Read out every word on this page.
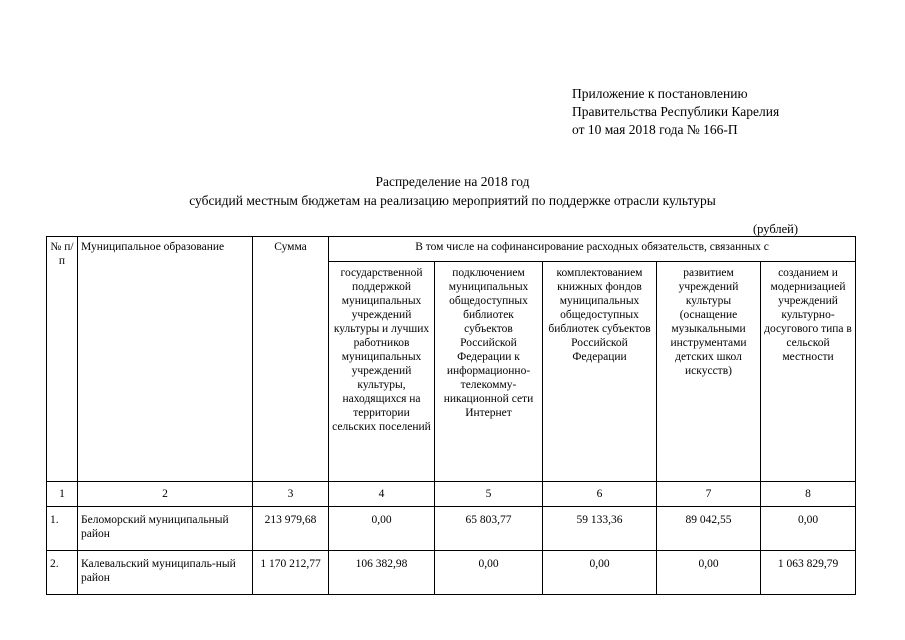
Приложение к постановлению
Правительства Республики Карелия
от 10 мая 2018 года № 166-П
Распределение на 2018 год
субсидий местным бюджетам на реализацию мероприятий по поддержке отрасли культуры
(рублей)
№ п/п	Муниципальное образование	Сумма	В том числе на софинансирование расходных обязательств, связанных с				
			государственной поддержкой муниципальных учреждений культуры и лучших работников муниципальных учреждений культуры, находящихся на территории сельских поселений	подключением муниципальных общедоступных библиотек субъектов Российской Федерации к информационно-телекомму-никационной сети Интернет	комплектованием книжных фондов муниципальных общедоступных библиотек субъектов Российской Федерации	развитием учреждений культуры (оснащение музыкальными инструментами детских школ искусств)	созданием и модернизацией учреждений культурно-досугового типа в сельской местности
1	2	3	4	5	6	7	8
1.	Беломорский муниципальный район	213 979,68	0,00	65 803,77	59 133,36	89 042,55	0,00
2.	Калевальский муниципаль-ный район	1 170 212,77	106 382,98	0,00	0,00	0,00	1 063 829,79
